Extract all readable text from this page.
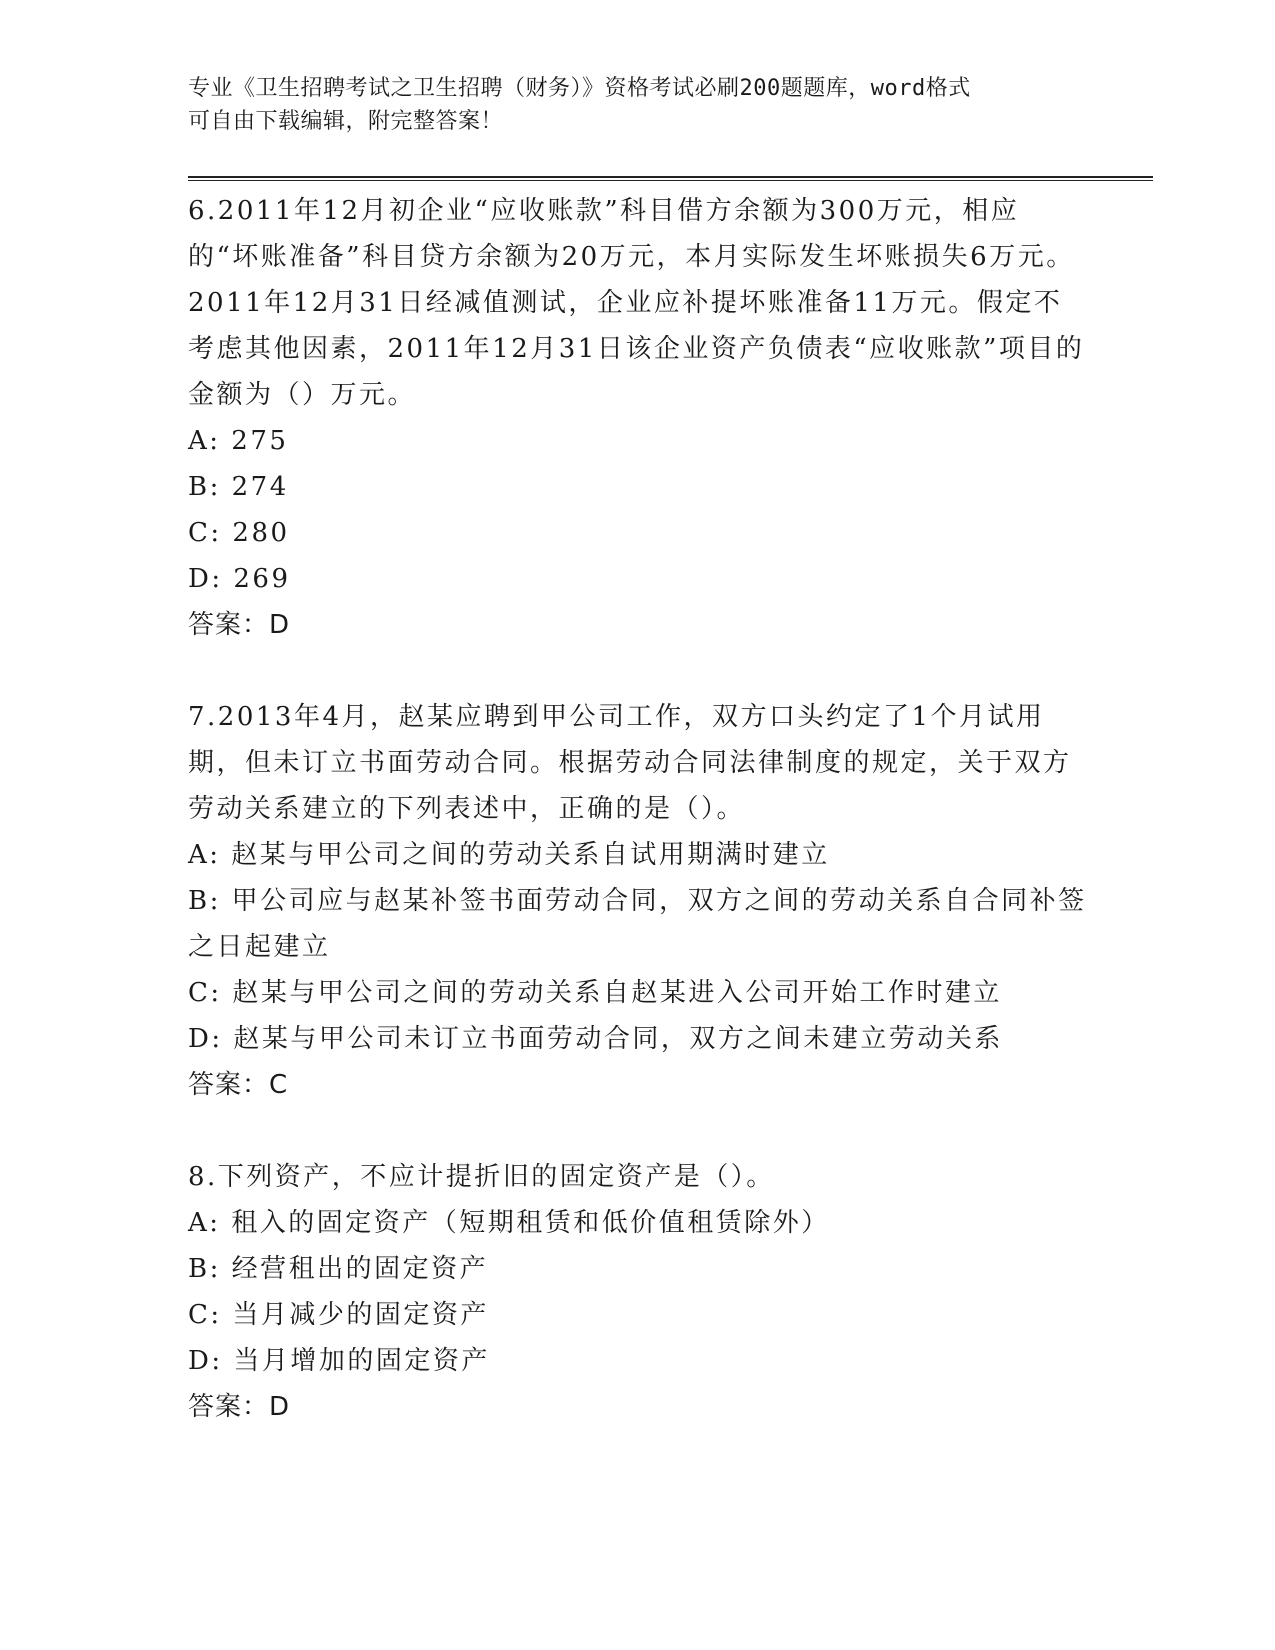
专业《卫生招聘考试之卫生招聘（财务）》资格考试必刷200题题库，word格式
可自由下载编辑，附完整答案！

6.2011年12月初企业“应收账款”科目借方余额为300万元，相应的“坏账准备”科目贷方余额为20万元，本月实际发生坏账损失6万元。2011年12月31日经减值测试，企业应补提坏账准备11万元。假定不考虑其他因素，2011年12月31日该企业资产负债表“应收账款”项目的金额为（）万元。

A: 275

B: 274

C: 280

D: 269

答案：D

7.2013年4月，赵某应聘到甲公司工作，双方口头约定了1个月试用期，但未订立书面劳动合同。根据劳动合同法律制度的规定，关于双方劳动关系建立的下列表述中，正确的是（）。

A: 赵某与甲公司之间的劳动关系自试用期满时建立

B: 甲公司应与赵某补签书面劳动合同，双方之间的劳动关系自合同补签之日起建立

C: 赵某与甲公司之间的劳动关系自赵某进入公司开始工作时建立

D: 赵某与甲公司未订立书面劳动合同，双方之间未建立劳动关系

答案：C

8.下列资产，不应计提折旧的固定资产是（）。

A: 租入的固定资产（短期租赁和低价值租赁除外）

B: 经营租出的固定资产

C: 当月减少的固定资产

D: 当月增加的固定资产

答案：D
